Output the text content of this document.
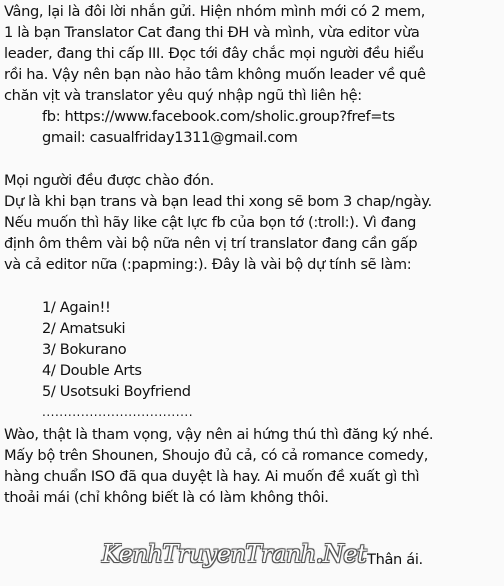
Vâng, lại là đôi lời nhắn gửi. Hiện nhóm mình mới có 2 mem,
1 là bạn Translator Cat đang thi ĐH và mình, vừa editor vừa
leader, đang thi cấp III. Đọc tới đây chắc mọi người đều hiểu
rồi ha. Vậy nên bạn nào hảo tâm không muốn leader về quê
chăn vịt và translator yêu quý nhập ngũ thì liên hệ:
fb: https://www.facebook.com/sholic.group?fref=ts
gmail: casualfriday1311@gmail.com
Mọi người đều được chào đón.
Dự là khi bạn trans và bạn lead thi xong sẽ bom 3 chap/ngày.
Nếu muốn thì hãy like cật lực fb của bọn tớ (:troll:). Vì đang
định ôm thêm vài bộ nữa nên vị trí translator đang cần gấp
và cả editor nữa (:papming:). Đây là vài bộ dự tính sẽ làm:
1/ Again!!
2/ Amatsuki
3/ Bokurano
4/ Double Arts
5/ Usotsuki Boyfriend
...................................
Wào, thật là tham vọng, vậy nên ai hứng thú thì đăng ký nhé.
Mấy bộ trên Shounen, Shoujo đủ cả, có cả romance comedy,
hàng chuẩn ISO đã qua duyệt là hay. Ai muốn đề xuất gì thì
thoải mái (chỉ không biết là có làm không thôi.
KenhTruyenTranh.Net Thân ái.
